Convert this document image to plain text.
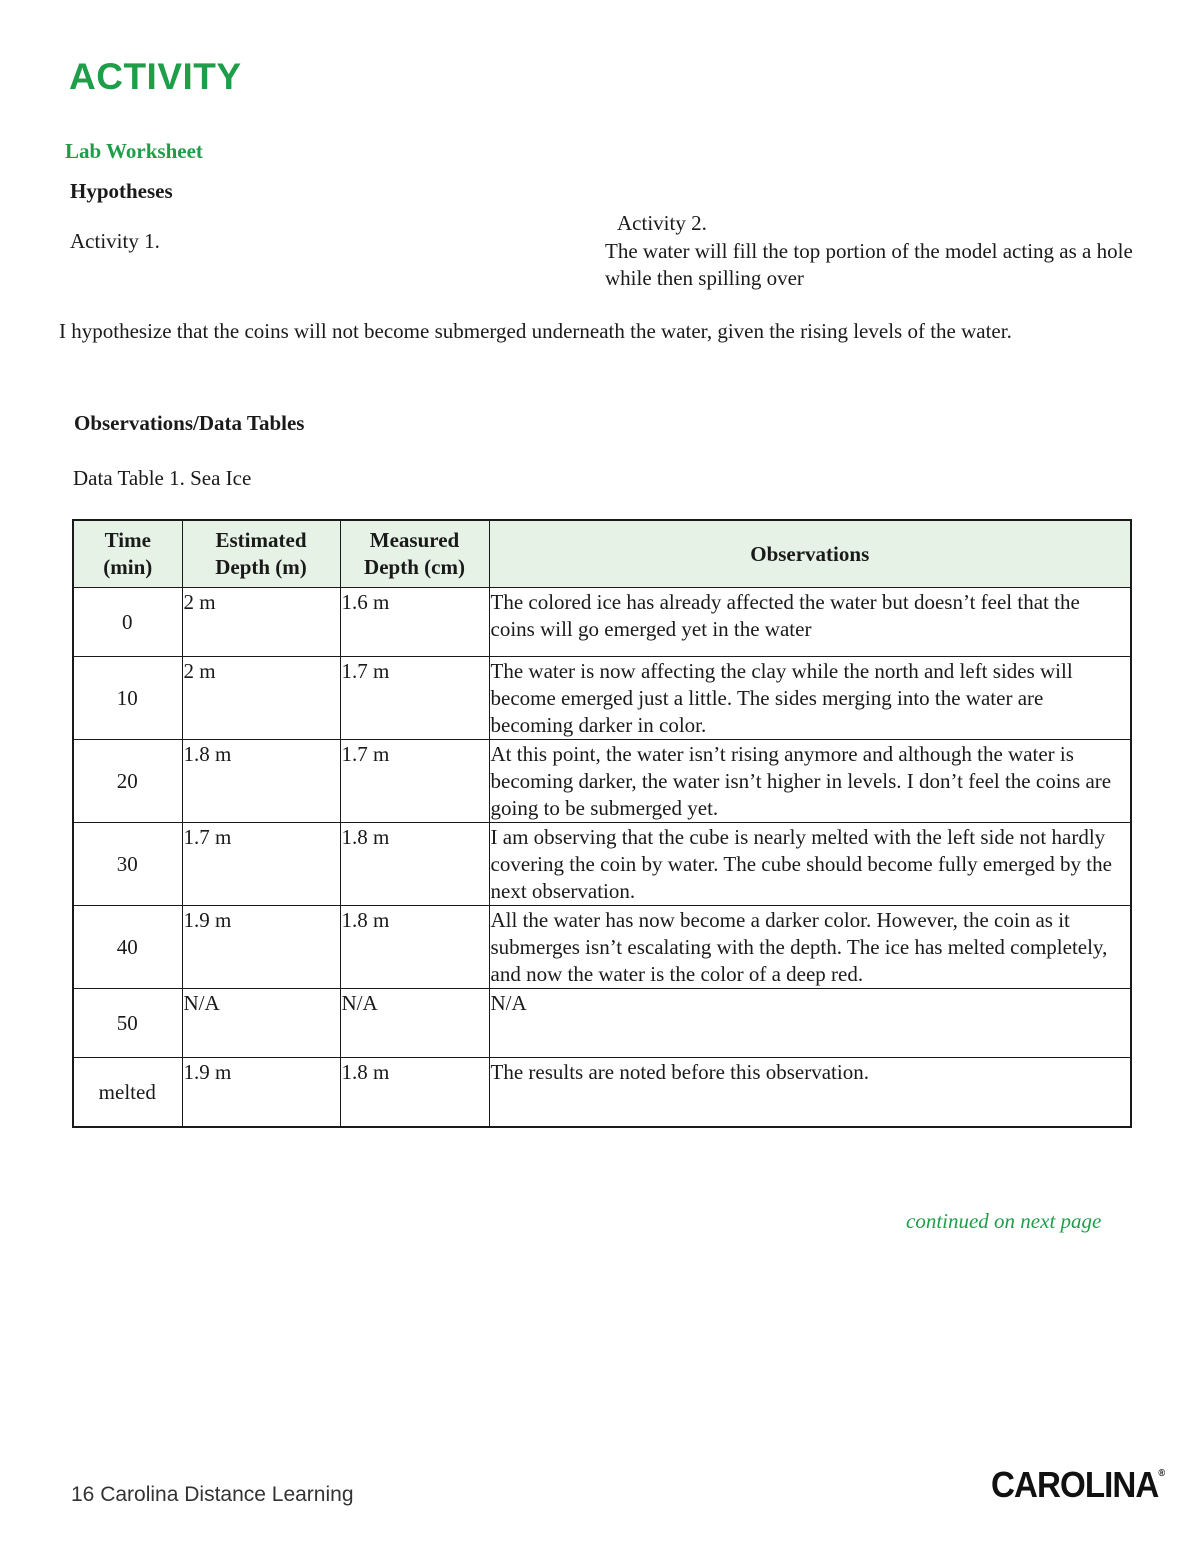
ACTIVITY
Lab Worksheet
Hypotheses
Activity 1.
Activity 2.
The water will fill the top portion of the model acting as a hole while then spilling over
I hypothesize that the coins will not become submerged underneath the water, given the rising levels of the water.
Observations/Data Tables
Data Table 1. Sea Ice
Time (min)	Estimated Depth (m)	Measured Depth (cm)	Observations
0	2 m	1.6 m	The colored ice has already affected the water but doesn’t feel that the coins will go emerged yet in the water
10	2 m	1.7 m	The water is now affecting the clay while the north and left sides will become emerged just a little. The sides merging into the water are becoming darker in color.
20	1.8 m	1.7 m	At this point, the water isn’t rising anymore and although the water is becoming darker, the water isn’t higher in levels. I don’t feel the coins are going to be submerged yet.
30	1.7 m	1.8 m	I am observing that the cube is nearly melted with the left side not hardly covering the coin by water. The cube should become fully emerged by the next observation.
40	1.9 m	1.8 m	All the water has now become a darker color. However, the coin as it submerges isn’t escalating with the depth. The ice has melted completely, and now the water is the color of a deep red.
50	N/A	N/A	N/A
melted	1.9 m	1.8 m	The results are noted before this observation.
continued on next page
16 Carolina Distance Learning	CAROLINA®
